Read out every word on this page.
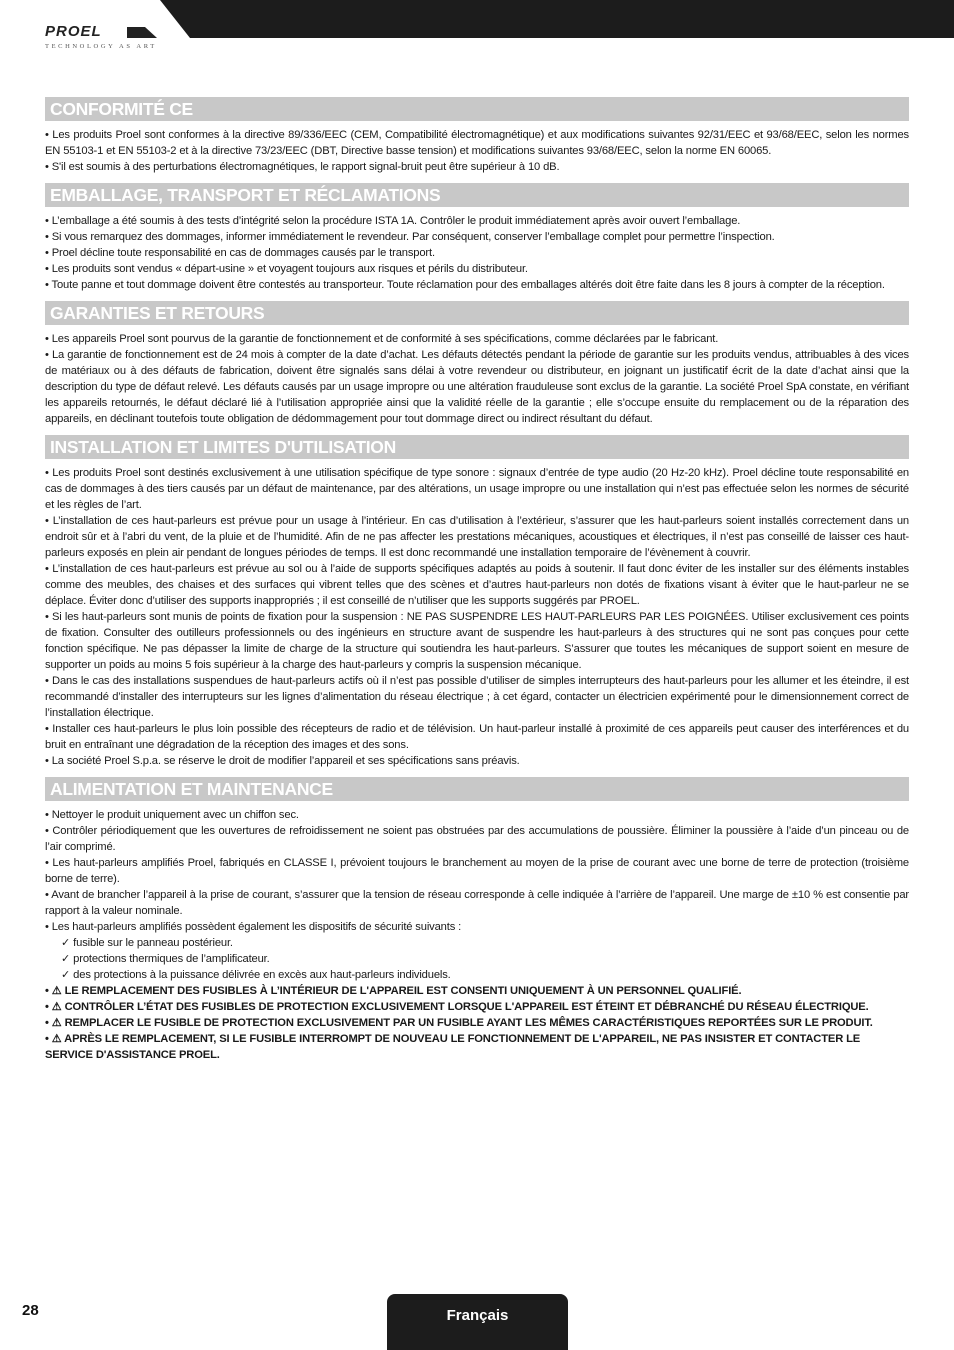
PROEL
TECHNOLOGY AS ART
CONFORMITÉ CE

• Les produits Proel sont conformes à la directive 89/336/EEC (CEM, Compatibilité électromagnétique) et aux modifications suivantes 92/31/EEC et 93/68/EEC, selon les normes EN 55103-1 et EN 55103-2 et à la directive 73/23/EEC (DBT, Directive basse tension) et modifications suivantes 93/68/EEC, selon la norme EN 60065.

• S'il est soumis à des perturbations électromagnétiques, le rapport signal-bruit peut être supérieur à 10 dB.

EMBALLAGE, TRANSPORT ET RÉCLAMATIONS

• L’emballage a été soumis à des tests d’intégrité selon la procédure ISTA 1A. Contrôler le produit immédiatement après avoir ouvert l’emballage.

• Si vous remarquez des dommages, informer immédiatement le revendeur. Par conséquent, conserver l’emballage complet pour permettre l’inspection.

• Proel décline toute responsabilité en cas de dommages causés par le transport.

• Les produits sont vendus « départ-usine » et voyagent toujours aux risques et périls du distributeur.

• Toute panne et tout dommage doivent être contestés au transporteur. Toute réclamation pour des emballages altérés doit être faite dans les 8 jours à compter de la réception.

GARANTIES ET RETOURS

• Les appareils Proel sont pourvus de la garantie de fonctionnement et de conformité à ses spécifications, comme déclarées par le fabricant.

• La garantie de fonctionnement est de 24 mois à compter de la date d’achat. Les défauts détectés pendant la période de garantie sur les produits vendus, attribuables à des vices de matériaux ou à des défauts de fabrication, doivent être signalés sans délai à votre revendeur ou distributeur, en joignant un justificatif écrit de la date d’achat ainsi que la description du type de défaut relevé. Les défauts causés par un usage impropre ou une altération frauduleuse sont exclus de la garantie. La société Proel SpA constate, en vérifiant les appareils retournés, le défaut déclaré lié à l’utilisation appropriée ainsi que la validité réelle de la garantie ; elle s’occupe ensuite du remplacement ou de la réparation des appareils, en déclinant toutefois toute obligation de dédommagement pour tout dommage direct ou indirect résultant du défaut.

INSTALLATION ET LIMITES D'UTILISATION

• Les produits Proel sont destinés exclusivement à une utilisation spécifique de type sonore : signaux d’entrée de type audio (20 Hz-20 kHz). Proel décline toute responsabilité en cas de dommages à des tiers causés par un défaut de maintenance, par des altérations, un usage impropre ou une installation qui n’est pas effectuée selon les normes de sécurité et les règles de l’art.

• L’installation de ces haut-parleurs est prévue pour un usage à l’intérieur. En cas d’utilisation à l’extérieur, s’assurer que les haut-parleurs soient installés correctement dans un endroit sûr et à l’abri du vent, de la pluie et de l’humidité. Afin de ne pas affecter les prestations mécaniques, acoustiques et électriques, il n’est pas conseillé de laisser ces haut-parleurs exposés en plein air pendant de longues périodes de temps. Il est donc recommandé une installation temporaire de l’évènement à couvrir.

• L’installation de ces haut-parleurs est prévue au sol ou à l’aide de supports spécifiques adaptés au poids à soutenir. Il faut donc éviter de les installer sur des éléments instables comme des meubles, des chaises et des surfaces qui vibrent telles que des scènes et d’autres haut-parleurs non dotés de fixations visant à éviter que le haut-parleur ne se déplace. Éviter donc d’utiliser des supports inappropriés ; il est conseillé de n’utiliser que les supports suggérés par PROEL.

• Si les haut-parleurs sont munis de points de fixation pour la suspension : NE PAS SUSPENDRE LES HAUT-PARLEURS PAR LES POIGNÉES. Utiliser exclusivement ces points de fixation. Consulter des outilleurs professionnels ou des ingénieurs en structure avant de suspendre les haut-parleurs à des structures qui ne sont pas conçues pour cette fonction spécifique. Ne pas dépasser la limite de charge de la structure qui soutiendra les haut-parleurs. S’assurer que toutes les mécaniques de support soient en mesure de supporter un poids au moins 5 fois supérieur à la charge des haut-parleurs y compris la suspension mécanique.

• Dans le cas des installations suspendues de haut-parleurs actifs où il n’est pas possible d’utiliser de simples interrupteurs des haut-parleurs pour les allumer et les éteindre, il est recommandé d’installer des interrupteurs sur les lignes d’alimentation du réseau électrique ; à cet égard, contacter un électricien expérimenté pour le dimensionnement correct de l’installation électrique.

• Installer ces haut-parleurs le plus loin possible des récepteurs de radio et de télévision. Un haut-parleur installé à proximité de ces appareils peut causer des interférences et du bruit en entraînant une dégradation de la réception des images et des sons.

• La société Proel S.p.a. se réserve le droit de modifier l’appareil et ses spécifications sans préavis.

ALIMENTATION ET MAINTENANCE

• Nettoyer le produit uniquement avec un chiffon sec.

• Contrôler périodiquement que les ouvertures de refroidissement ne soient pas obstruées par des accumulations de poussière. Éliminer la poussière à l’aide d’un pinceau ou de l’air comprimé.

• Les haut-parleurs amplifiés Proel, fabriqués en CLASSE I, prévoient toujours le branchement au moyen de la prise de courant avec une borne de terre de protection (troisième borne de terre).

• Avant de brancher l’appareil à la prise de courant, s’assurer que la tension de réseau corresponde à celle indiquée à l’arrière de l’appareil. Une marge de ±10 % est consentie par rapport à la valeur nominale.

• Les haut-parleurs amplifiés possèdent également les dispositifs de sécurité suivants :

✓ fusible sur le panneau postérieur.

✓ protections thermiques de l’amplificateur.

✓ des protections à la puissance délivrée en excès aux haut-parleurs individuels.

• ⚠ LE REMPLACEMENT DES FUSIBLES À L’INTÉRIEUR DE L'APPAREIL EST CONSENTI UNIQUEMENT À UN PERSONNEL QUALIFIÉ.

• ⚠ CONTRÔLER L’ÉTAT DES FUSIBLES DE PROTECTION EXCLUSIVEMENT LORSQUE L'APPAREIL EST ÉTEINT ET DÉBRANCHÉ DU RÉSEAU ÉLECTRIQUE.

• ⚠ REMPLACER LE FUSIBLE DE PROTECTION EXCLUSIVEMENT PAR UN FUSIBLE AYANT LES MÊMES CARACTÉRISTIQUES REPORTÉES SUR LE PRODUIT.

• ⚠ APRÈS LE REMPLACEMENT, SI LE FUSIBLE INTERROMPT DE NOUVEAU LE FONCTIONNEMENT DE L'APPAREIL, NE PAS INSISTER ET CONTACTER LE SERVICE D'ASSISTANCE PROEL.

28	Français
